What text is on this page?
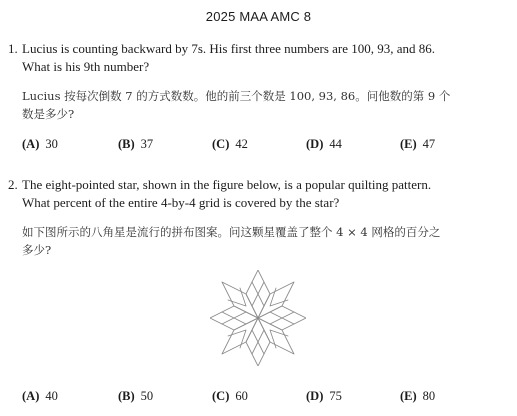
2025 MAA AMC 8
1. Lucius is counting backward by 7s. His first three numbers are 100, 93, and 86.
What is his 9th number?
Lucius 按每次倒数 7 的方式数数。他的前三个数是 100, 93, 86。问他数的第 9 个
数是多少?
(A) 30	(B) 37	(C) 42	(D) 44	(E) 47
2. The eight-pointed star, shown in the figure below, is a popular quilting pattern.
What percent of the entire 4-by-4 grid is covered by the star?
如下图所示的八角星是流行的拼布图案。问这颗星覆盖了整个 4 × 4 网格的百分之
多少?
(A) 40	(B) 50	(C) 60	(D) 75	(E) 80
